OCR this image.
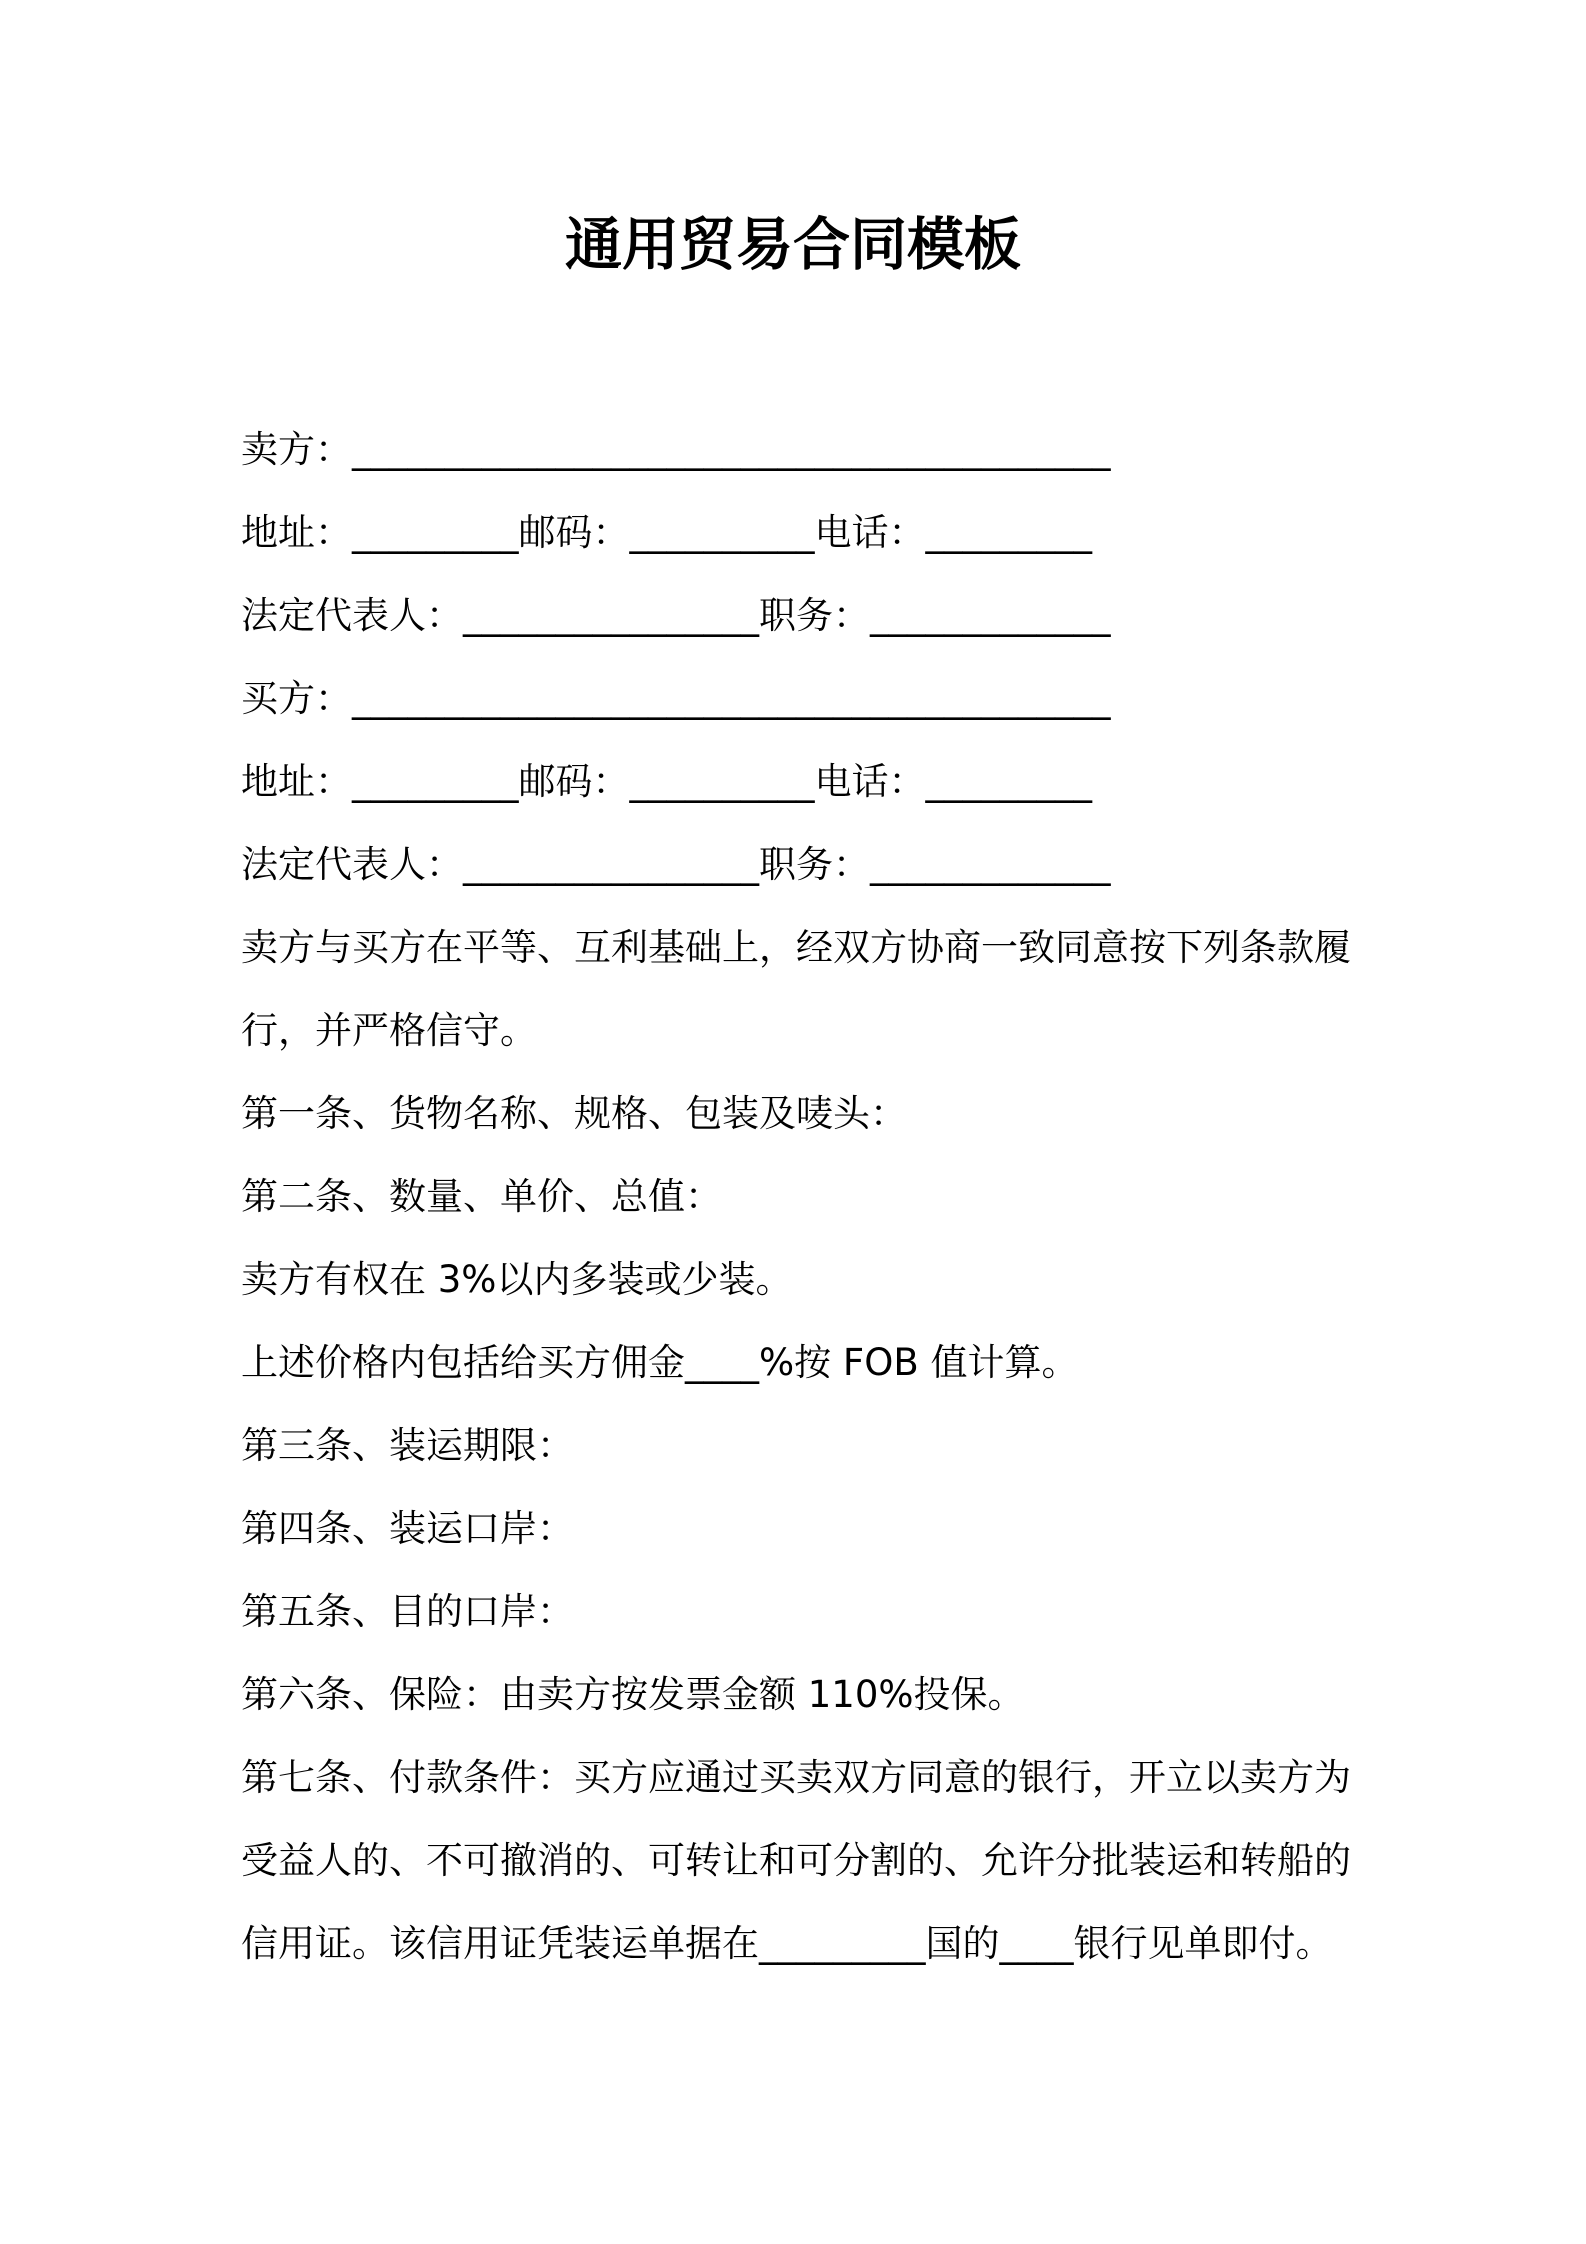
通用贸易合同模板
卖方：_________________________________________
地址：_________邮码：__________电话：_________
法定代表人：________________职务：_____________
买方：_________________________________________
地址：_________邮码：__________电话：_________
法定代表人：________________职务：_____________
卖方与买方在平等、互利基础上，经双方协商一致同意按下列条款履
行，并严格信守。
第一条、货物名称、规格、包装及唛头：
第二条、数量、单价、总值：
卖方有权在 3%以内多装或少装。
上述价格内包括给买方佣金____%按 FOB 值计算。
第三条、装运期限：
第四条、装运口岸：
第五条、目的口岸：
第六条、保险：由卖方按发票金额 110%投保。
第七条、付款条件：买方应通过买卖双方同意的银行，开立以卖方为
受益人的、不可撤消的、可转让和可分割的、允许分批装运和转船的
信用证。该信用证凭装运单据在_________国的____银行见单即付。
